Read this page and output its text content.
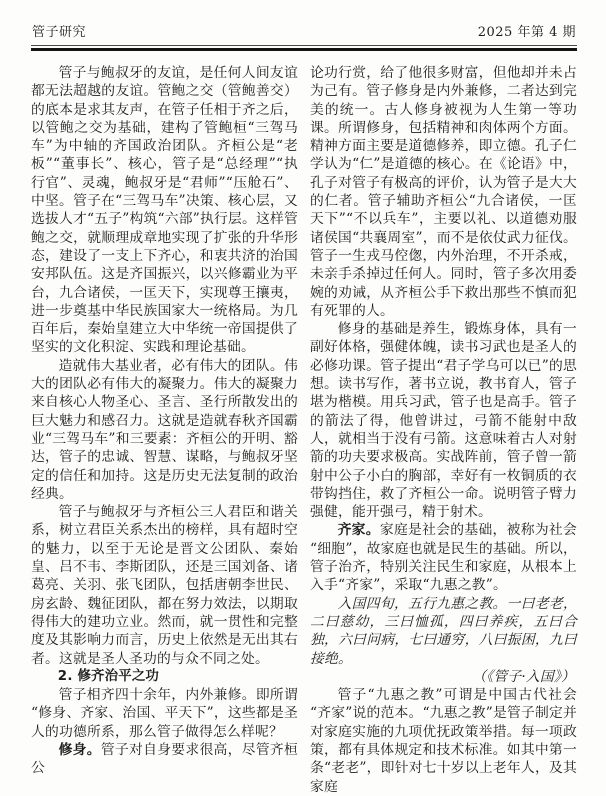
管子研究	2025 年第 4 期

管子与鲍叔牙的友谊，是任何人间友谊都无法超越的友谊。管鲍之交（管鲍善交）的底本是求其友声，在管子任相于齐之后，以管鲍之交为基础，建构了管鲍桓“三驾马车”为中轴的齐国政治团队。齐桓公是“老板”“董事长”、核心，管子是“总经理”“执行官”、灵魂，鲍叔牙是“君师”“压舱石”、中坚。管子在“三驾马车”决策、核心层，又选拔人才“五子”构筑“六部”执行层。这样管鲍之交，就顺理成章地实现了扩张的升华形态，建设了一支上下齐心，和衷共济的治国安邦队伍。这是齐国振兴，以兴修霸业为平台，九合诸侯，一匡天下，实现尊王攘夷，进一步奠基中华民族国家大一统格局。为几百年后，秦始皇建立大中华统一帝国提供了坚实的文化积淀、实践和理论基础。

造就伟大基业者，必有伟大的团队。伟大的团队必有伟大的凝聚力。伟大的凝聚力来自核心人物圣心、圣言、圣行所散发出的巨大魅力和感召力。这就是造就春秋齐国霸业“三驾马车”和三要素：齐桓公的开明、豁达，管子的忠诚、智慧、谋略，与鲍叔牙坚定的信任和加持。这是历史无法复制的政治经典。

管子与鲍叔牙与齐桓公三人君臣和谐关系，树立君臣关系杰出的榜样，具有超时空的魅力，以至于无论是晋文公团队、秦始皇、吕不韦、李斯团队，还是三国刘备、诸葛亮、关羽、张飞团队，包括唐朝李世民、房玄龄、魏征团队，都在努力效法，以期取得伟大的建功立业。然而，就一贯性和完整度及其影响力而言，历史上依然是无出其右者。这就是圣人圣功的与众不同之处。

2. 修齐治平之功

管子相齐四十余年，内外兼修。即所谓“修身、齐家、治国、平天下”，这些都是圣人的功德所系，那么管子做得怎么样呢？

修身。管子对自身要求很高，尽管齐桓公

论功行赏，给了他很多财富，但他却并未占为己有。管子修身是内外兼修，二者达到完美的统一。古人修身被视为人生第一等功课。所谓修身，包括精神和肉体两个方面。精神方面主要是道德修养，即立德。孔子仁学认为“仁”是道德的核心。在《论语》中，孔子对管子有极高的评价，认为管子是大大的仁者。管子辅助齐桓公“九合诸侯，一匡天下”“不以兵车”，主要以礼、以道德劝服诸侯国“共襄周室”，而不是依仗武力征伐。管子一生戎马倥偬，内外治理，不开杀戒，未亲手杀掉过任何人。同时，管子多次用委婉的劝诫，从齐桓公手下救出那些不慎而犯有死罪的人。

修身的基础是养生，锻炼身体，具有一副好体格，强健体魄，读书习武也是圣人的必修功课。管子提出“君子学乌可以已”的思想。读书写作，著书立说，教书育人，管子堪为楷模。用兵习武，管子也是高手。管子的箭法了得，他曾讲过，弓箭不能射中敌人，就相当于没有弓箭。这意味着古人对射箭的功夫要求极高。实战阵前，管子曾一箭射中公子小白的胸部，幸好有一枚铜质的衣带钩挡住，救了齐桓公一命。说明管子臂力强健，能开强弓，精于射术。

齐家。家庭是社会的基础，被称为社会“细胞”，故家庭也就是民生的基础。所以，管子治齐，特别关注民生和家庭，从根本上入手“齐家”，采取“九惠之教”。

入国四旬，五行九惠之教。一曰老老，二曰慈幼，三曰恤孤，四曰养疾，五曰合独，六曰问病，七曰通穷，八曰振困，九曰接绝。

（《管子·入国》）

管子“九惠之教”可谓是中国古代社会“齐家”说的范本。“九惠之教”是管子制定并对家庭实施的九项优抚政策举措。每一项政策，都有具体规定和技术标准。如其中第一条“老老”，即针对七十岁以上老年人，及其家庭
